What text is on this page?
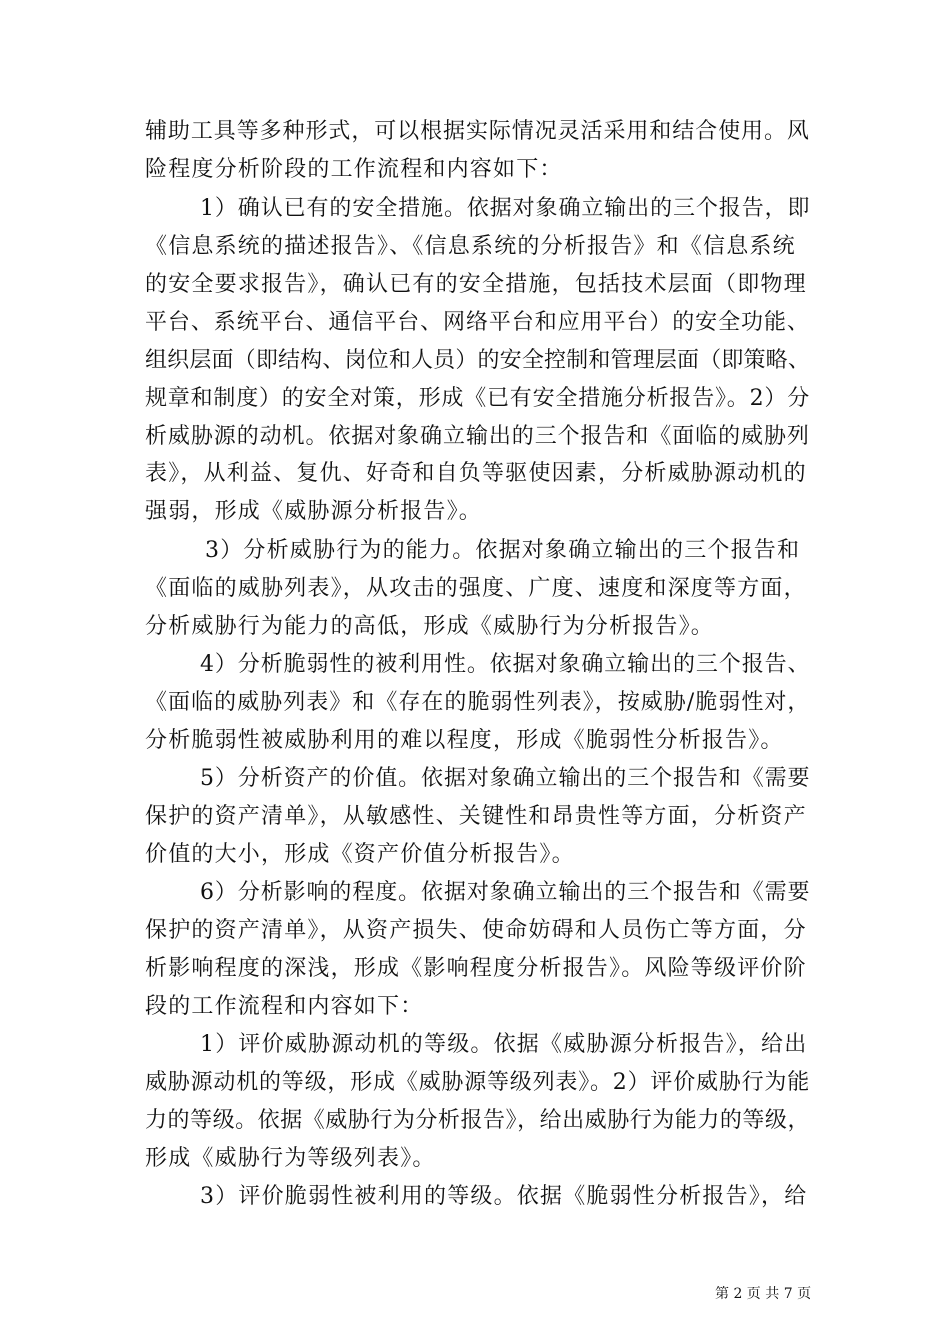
辅助工具等多种形式，可以根据实际情况灵活采用和结合使用。风
险程度分析阶段的工作流程和内容如下：
1）确认已有的安全措施。依据对象确立输出的三个报告，即
《信息系统的描述报告》、《信息系统的分析报告》和《信息系统
的安全要求报告》，确认已有的安全措施，包括技术层面（即物理
平台、系统平台、通信平台、网络平台和应用平台）的安全功能、
组织层面（即结构、岗位和人员）的安全控制和管理层面（即策略、
规章和制度）的安全对策，形成《已有安全措施分析报告》。2）分
析威胁源的动机。依据对象确立输出的三个报告和《面临的威胁列
表》，从利益、复仇、好奇和自负等驱使因素，分析威胁源动机的
强弱，形成《威胁源分析报告》。
3）分析威胁行为的能力。依据对象确立输出的三个报告和
《面临的威胁列表》，从攻击的强度、广度、速度和深度等方面，
分析威胁行为能力的高低，形成《威胁行为分析报告》。
4）分析脆弱性的被利用性。依据对象确立输出的三个报告、
《面临的威胁列表》和《存在的脆弱性列表》，按威胁/脆弱性对，
分析脆弱性被威胁利用的难以程度，形成《脆弱性分析报告》。
5）分析资产的价值。依据对象确立输出的三个报告和《需要
保护的资产清单》，从敏感性、关键性和昂贵性等方面，分析资产
价值的大小，形成《资产价值分析报告》。
6）分析影响的程度。依据对象确立输出的三个报告和《需要
保护的资产清单》，从资产损失、使命妨碍和人员伤亡等方面，分
析影响程度的深浅，形成《影响程度分析报告》。风险等级评价阶
段的工作流程和内容如下：
1）评价威胁源动机的等级。依据《威胁源分析报告》，给出
威胁源动机的等级，形成《威胁源等级列表》。2）评价威胁行为能
力的等级。依据《威胁行为分析报告》，给出威胁行为能力的等级，
形成《威胁行为等级列表》。
3）评价脆弱性被利用的等级。依据《脆弱性分析报告》，给
第 2 页 共 7 页
